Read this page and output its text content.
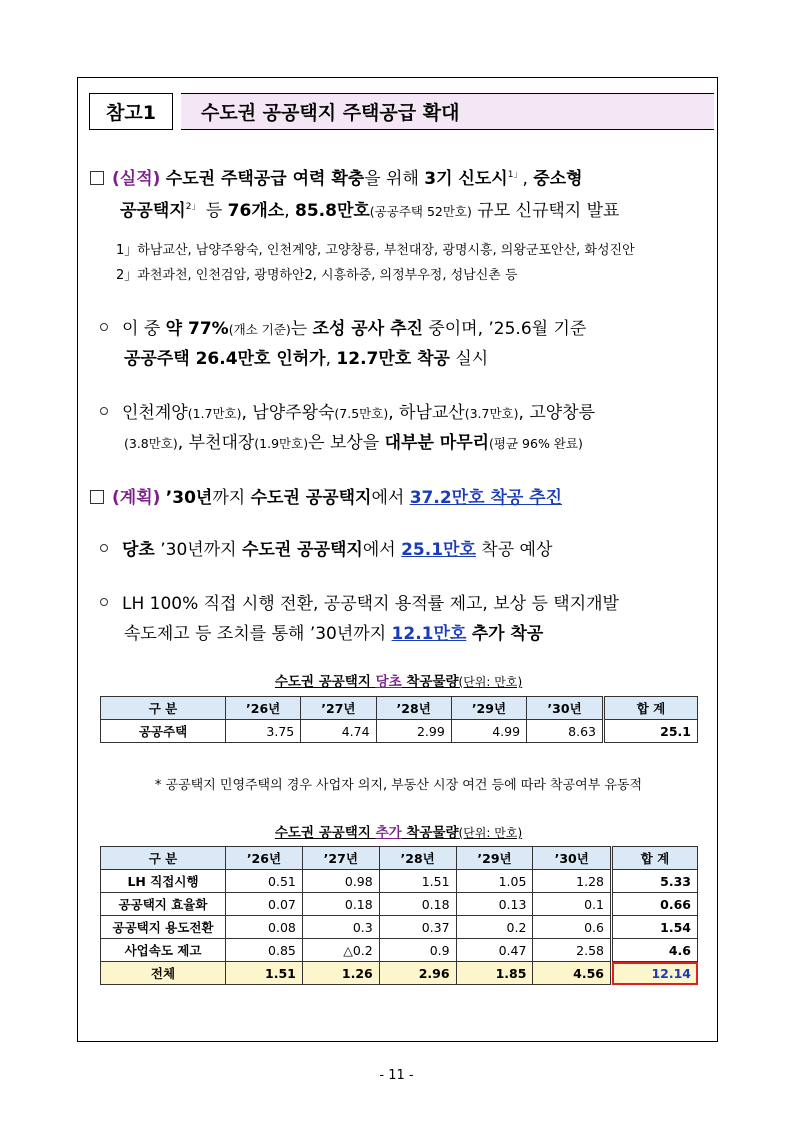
참고1	수도권 공공택지 주택공급 확대
(실적) 수도권 주택공급 여력 확충을 위해 3기 신도시$^{1」}$, 중소형
공공택지$^{2」}$ 등 76개소, 85.8만호(공공주택 52만호) 규모 신규택지 발표
1」하남교산, 남양주왕숙, 인천계양, 고양창릉, 부천대장, 광명시흥, 의왕군포안산, 화성진안
2」과천과천, 인천검암, 광명하안2, 시흥하중, 의정부우정, 성남신촌 등
이 중 약 77%(개소 기준)는 조성 공사 추진 중이며, ’25.6월 기준
공공주택 26.4만호 인허가, 12.7만호 착공 실시
인천계양(1.7만호), 남양주왕숙(7.5만호), 하남교산(3.7만호), 고양창릉
(3.8만호), 부천대장(1.9만호)은 보상을 대부분 마무리(평균 96% 완료)
(계획) ’30년까지 수도권 공공택지에서 37.2만호 착공 추진
당초 ’30년까지 수도권 공공택지에서 25.1만호 착공 예상
LH 100% 직접 시행 전환, 공공택지 용적률 제고, 보상 등 택지개발
속도제고 등 조치를 통해 ’30년까지 12.1만호 추가 착공
수도권 공공택지 당초 착공물량(단위: 만호)
구 분	’26년	’27년	’28년	’29년	’30년	합 계
공공주택	3.75	4.74	2.99	4.99	8.63	25.1
* 공공택지 민영주택의 경우 사업자 의지, 부동산 시장 여건 등에 따라 착공여부 유동적
수도권 공공택지 추가 착공물량(단위: 만호)
구 분	’26년	’27년	’28년	’29년	’30년	합 계
LH 직접시행	0.51	0.98	1.51	1.05	1.28	5.33
공공택지 효율화	0.07	0.18	0.18	0.13	0.1	0.66
공공택지 용도전환	0.08	0.3	0.37	0.2	0.6	1.54
사업속도 제고	0.85	△0.2	0.9	0.47	2.58	4.6
전체	1.51	1.26	2.96	1.85	4.56	12.14
- 11 -
